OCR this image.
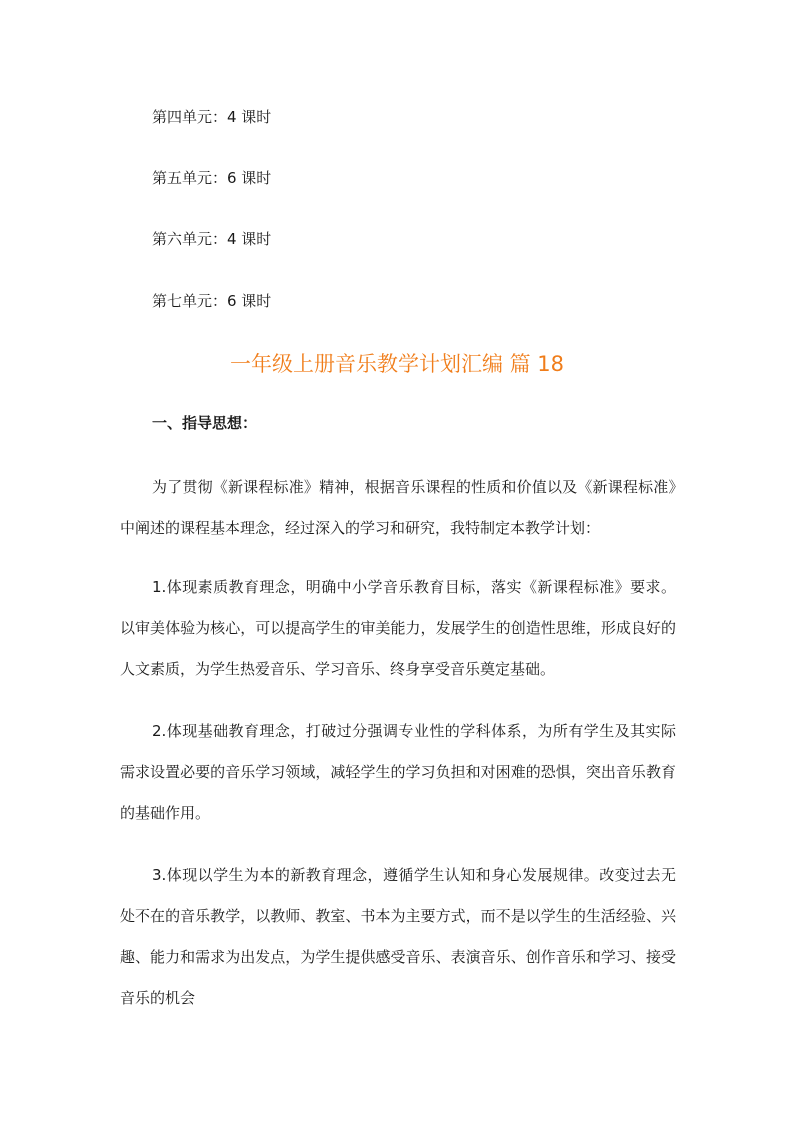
第四单元：4 课时
第五单元：6 课时
第六单元：4 课时
第七单元：6 课时
一年级上册音乐教学计划汇编 篇 18
一、指导思想：

为了贯彻《新课程标准》精神，根据音乐课程的性质和价值以及《新课程标准》中阐述的课程基本理念，经过深入的学习和研究，我特制定本教学计划：

1.体现素质教育理念，明确中小学音乐教育目标，落实《新课程标准》要求。以审美体验为核心，可以提高学生的审美能力，发展学生的创造性思维，形成良好的人文素质，为学生热爱音乐、学习音乐、终身享受音乐奠定基础。

2.体现基础教育理念，打破过分强调专业性的学科体系，为所有学生及其实际需求设置必要的音乐学习领域，减轻学生的学习负担和对困难的恐惧，突出音乐教育的基础作用。

3.体现以学生为本的新教育理念，遵循学生认知和身心发展规律。改变过去无处不在的音乐教学，以教师、教室、书本为主要方式，而不是以学生的生活经验、兴趣、能力和需求为出发点，为学生提供感受音乐、表演音乐、创作音乐和学习、接受音乐的机会
